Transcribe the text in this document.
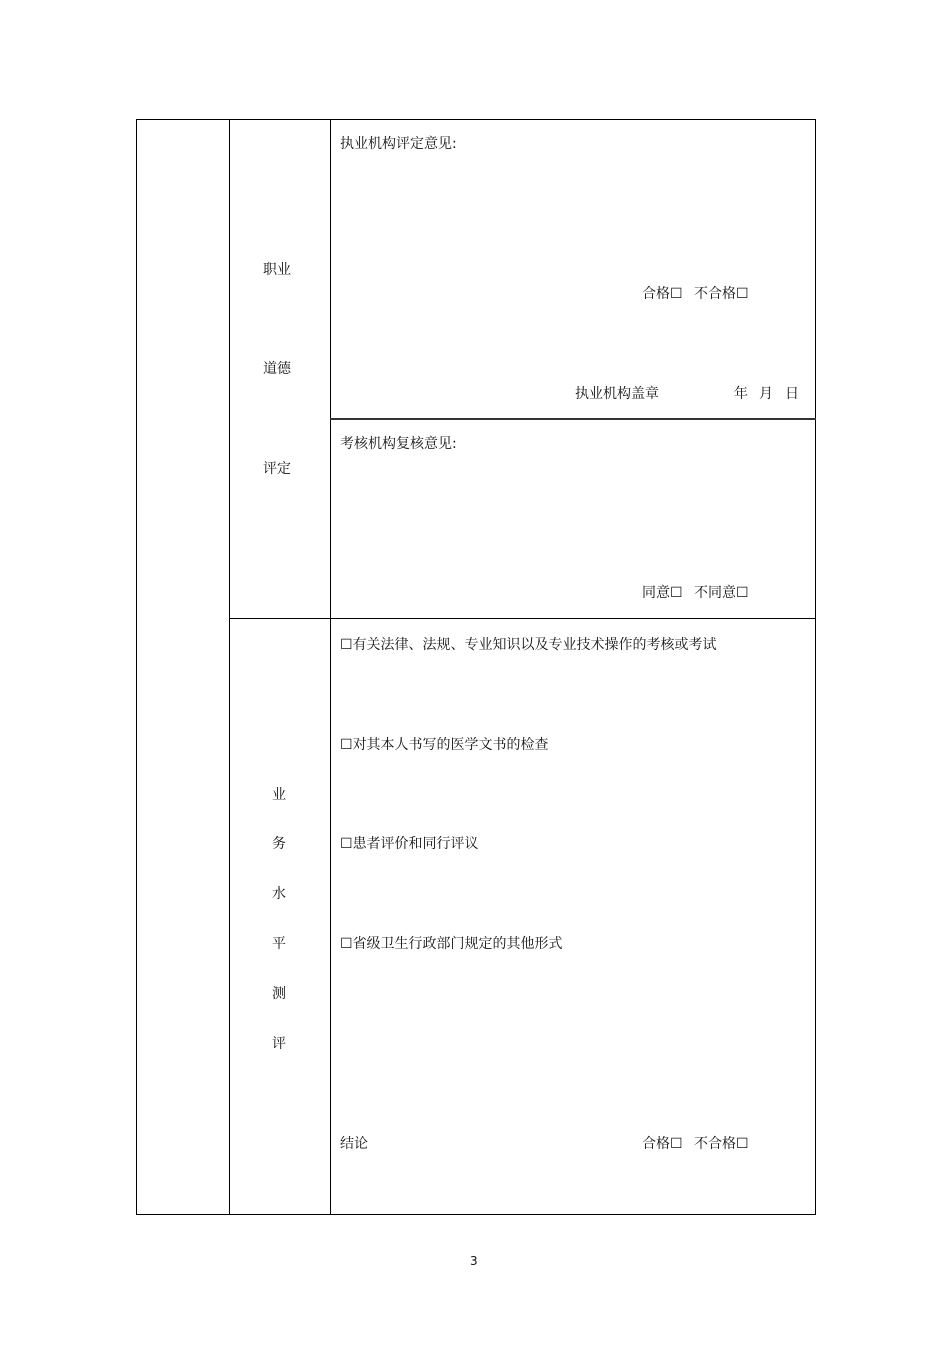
职业
道德
评定
执业机构评定意见:
合格☐ 不合格☐
执业机构盖章	年 月 日
考核机构复核意见:
同意☐ 不同意☐
业
务
水
平
测
评
☐有关法律、法规、专业知识以及专业技术操作的考核或考试
☐对其本人书写的医学文书的检查
☐患者评价和同行评议
☐省级卫生行政部门规定的其他形式
结论	合格☐ 不合格☐
3
